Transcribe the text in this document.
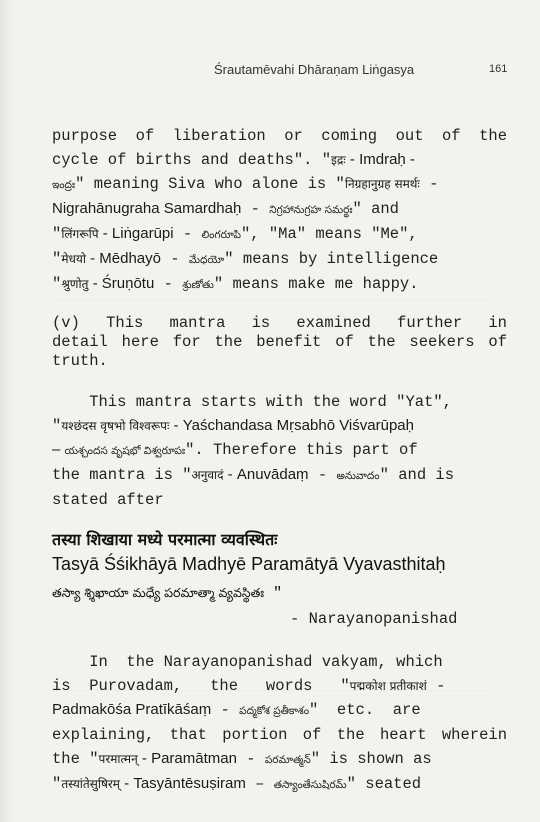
Śrautamēvahi Dhāraṇam Liṅgasya	161
purpose of liberation or coming out of the
cycle of births and deaths". "इद्रः - Imdraḥ -
ఇంద్రః" meaning Siva who alone is "निग्रहानुग्रह समर्थः -
Nigrahānugraha Samardhaḥ - నిగ్రహానుగ్రహ సమర్థః" and
"लिंगरूपि - Liṅgarūpi - లింగరూపి", "Ma" means "Me",
"मेधयो - Mēdhayō - మేధయో" means by intelligence
"श्रुणोतु - Śruṇōtu - శ్రుణోతు" means make me happy.
(v) This mantra is examined further in
detail here for the benefit of the seekers of
truth.
This mantra starts with the word "Yat",
"यश्छंदस वृषभो विश्वरूपः - Yaśchandasa Mṛsabhō Viśvarūpaḥ
– యశ్చందస వృషభో విశ్వరూపః". Therefore this part of
the mantra is "अनुवादं - Anuvādaṃ - అనువాదం" and is
stated after
तस्या शिखाया मध्ये परमात्मा व्यवस्थितः
Tasyā Śśikhāyā Madhyē Paramātyā Vyavasthitaḥ
తస్యా శ్శిఖాయా మధ్యే పరమాత్మా వ్యవస్థితః "
- Narayanopanishad
In  the Narayanopanishad vakyam, which
is  Purovadam,   the   words   "पद्मकोश प्रतीकाशं -
Padmakōśa Pratīkāśaṃ - పద్మకోశ ప్రతీకాశం"  etc.  are
explaining, that portion of the heart wherein
the "परमात्मन् - Paramātman - పరమాత్మన్" is shown as
"तस्यांतेसुषिरम् - Tasyāntēsuṣiram – తస్యాంతేసుషిరమ్" seated
